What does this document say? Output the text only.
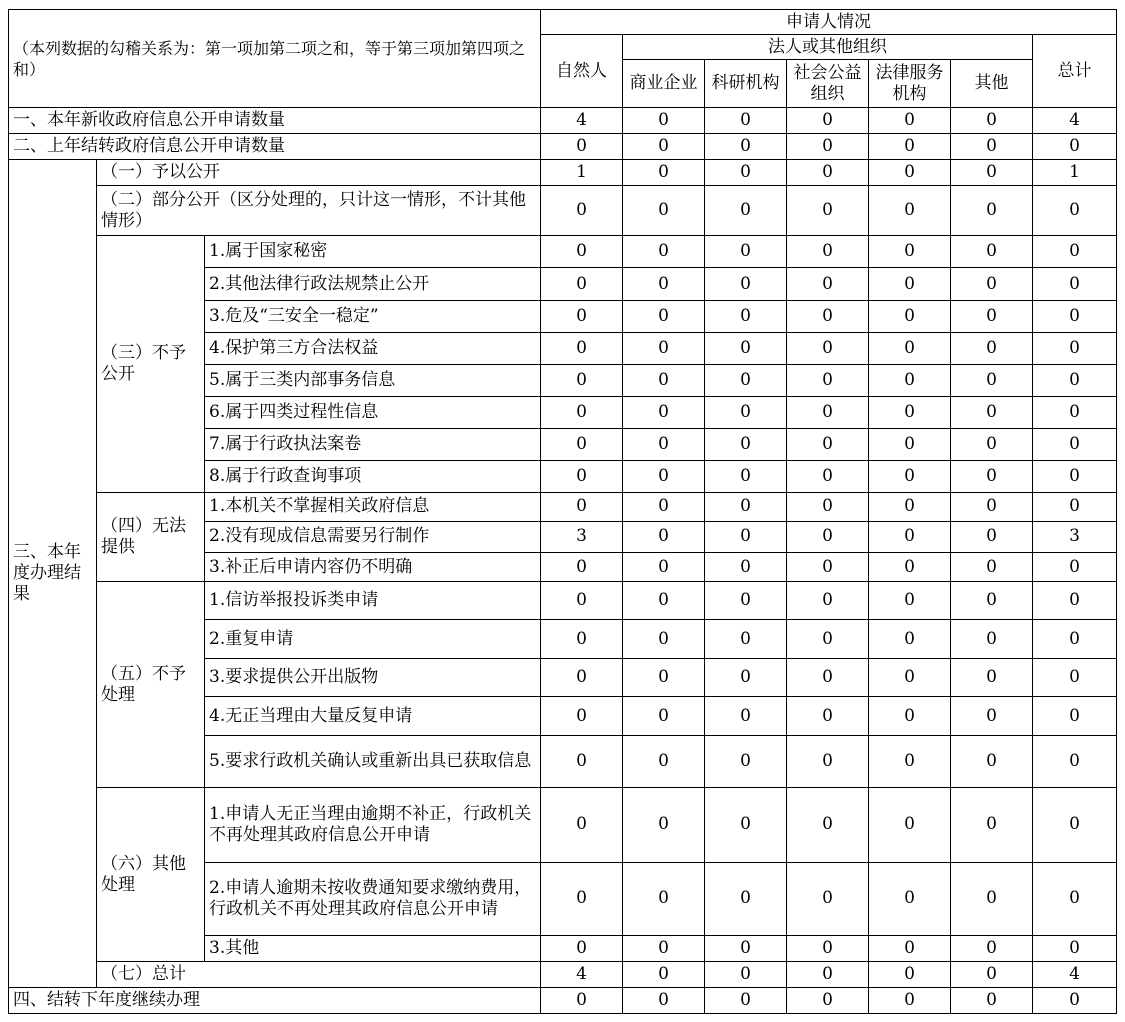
（本列数据的勾稽关系为：第一项加第二项之和，等于第三项加第四项之和）			申请人情况						
			自然人	法人或其他组织					总计
				商业企业	科研机构	社会公益组织	法律服务机构	其他	
一、本年新收政府信息公开申请数量			4	0	0	0	0	0	4
二、上年结转政府信息公开申请数量			0	0	0	0	0	0	0
三、本年度办理结果	（一）予以公开		1	0	0	0	0	0	1
	（二）部分公开（区分处理的，只计这一情形，不计其他情形）		0	0	0	0	0	0	0
	（三）不予公开	1.属于国家秘密	0	0	0	0	0	0	0
		2.其他法律行政法规禁止公开	0	0	0	0	0	0	0
		3.危及“三安全一稳定”	0	0	0	0	0	0	0
		4.保护第三方合法权益	0	0	0	0	0	0	0
		5.属于三类内部事务信息	0	0	0	0	0	0	0
		6.属于四类过程性信息	0	0	0	0	0	0	0
		7.属于行政执法案卷	0	0	0	0	0	0	0
		8.属于行政查询事项	0	0	0	0	0	0	0
	（四）无法提供	1.本机关不掌握相关政府信息	0	0	0	0	0	0	0
		2.没有现成信息需要另行制作	3	0	0	0	0	0	3
		3.补正后申请内容仍不明确	0	0	0	0	0	0	0
	（五）不予处理	1.信访举报投诉类申请	0	0	0	0	0	0	0
		2.重复申请	0	0	0	0	0	0	0
		3.要求提供公开出版物	0	0	0	0	0	0	0
		4.无正当理由大量反复申请	0	0	0	0	0	0	0
		5.要求行政机关确认或重新出具已获取信息	0	0	0	0	0	0	0
	（六）其他处理	1.申请人无正当理由逾期不补正，行政机关不再处理其政府信息公开申请	0	0	0	0	0	0	0
		2.申请人逾期未按收费通知要求缴纳费用，行政机关不再处理其政府信息公开申请	0	0	0	0	0	0	0
		3.其他	0	0	0	0	0	0	0
	（七）总计		4	0	0	0	0	0	4
四、结转下年度继续办理			0	0	0	0	0	0	0
